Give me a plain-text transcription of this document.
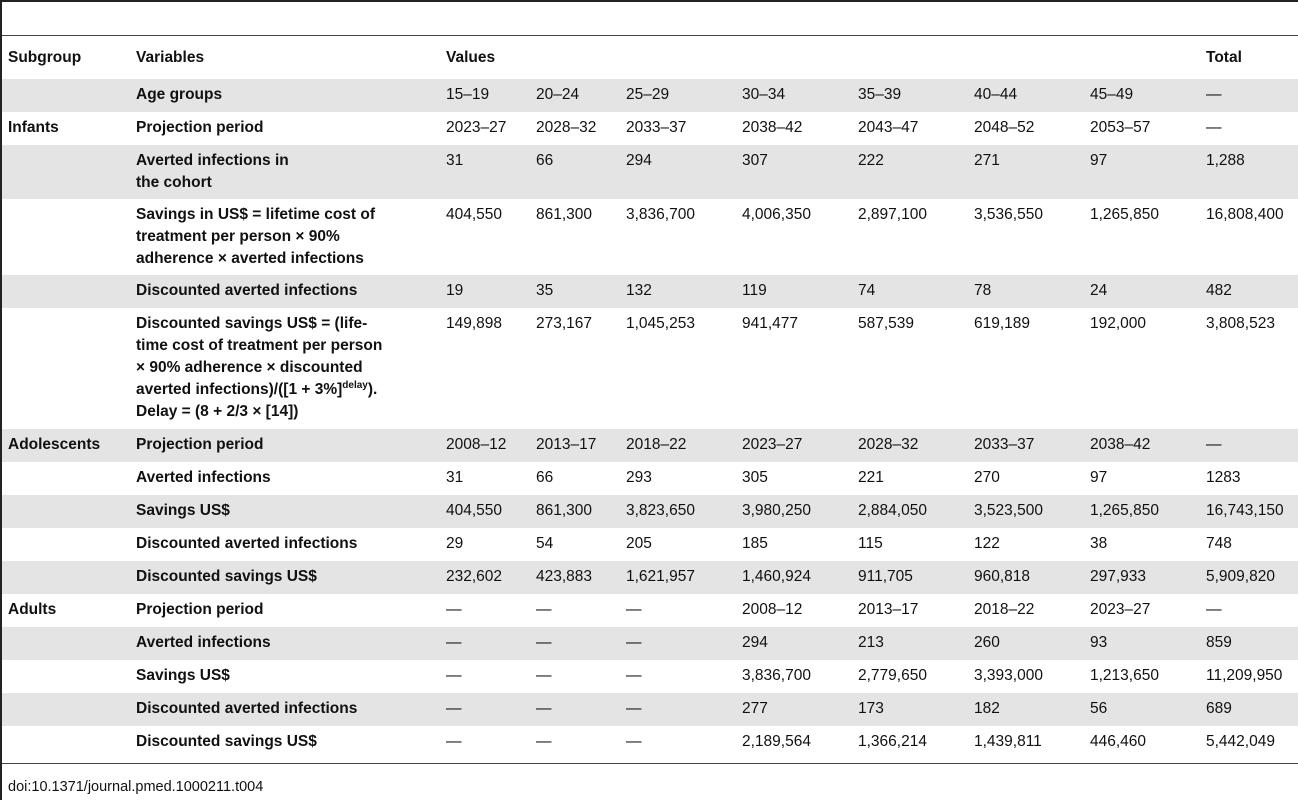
Subgroup	Variables	Values							Total
	Age groups	15–19	20–24	25–29	30–34	35–39	40–44	45–49	—
Infants	Projection period	2023–27	2028–32	2033–37	2038–42	2043–47	2048–52	2053–57	—

	Averted infections in
the cohort	31	66	294	307	222	271	97	1,288

	Savings in US$ = lifetime cost of
treatment per person × 90%
adherence × averted infections	404,550	861,300	3,836,700	4,006,350	2,897,100	3,536,550	1,265,850	16,808,400
	Discounted averted infections	19	35	132	119	74	78	24	482

	Discounted savings US$ = (life-
time cost of treatment per person
× 90% adherence × discounted
averted infections)/([1 + 3%]$^{delay}$).
Delay = (8 + 2/3 × [14])	149,898	273,167	1,045,253	941,477	587,539	619,189	192,000	3,808,523
Adolescents	Projection period	2008–12	2013–17	2018–22	2023–27	2028–32	2033–37	2038–42	—
	Averted infections	31	66	293	305	221	270	97	1283
	Savings US$	404,550	861,300	3,823,650	3,980,250	2,884,050	3,523,500	1,265,850	16,743,150
	Discounted averted infections	29	54	205	185	115	122	38	748
	Discounted savings US$	232,602	423,883	1,621,957	1,460,924	911,705	960,818	297,933	5,909,820
Adults	Projection period	—	—	—	2008–12	2013–17	2018–22	2023–27	—
	Averted infections	—	—	—	294	213	260	93	859
	Savings US$	—	—	—	3,836,700	2,779,650	3,393,000	1,213,650	11,209,950
	Discounted averted infections	—	—	—	277	173	182	56	689
	Discounted savings US$	—	—	—	2,189,564	1,366,214	1,439,811	446,460	5,442,049
doi:10.1371/journal.pmed.1000211.t004
